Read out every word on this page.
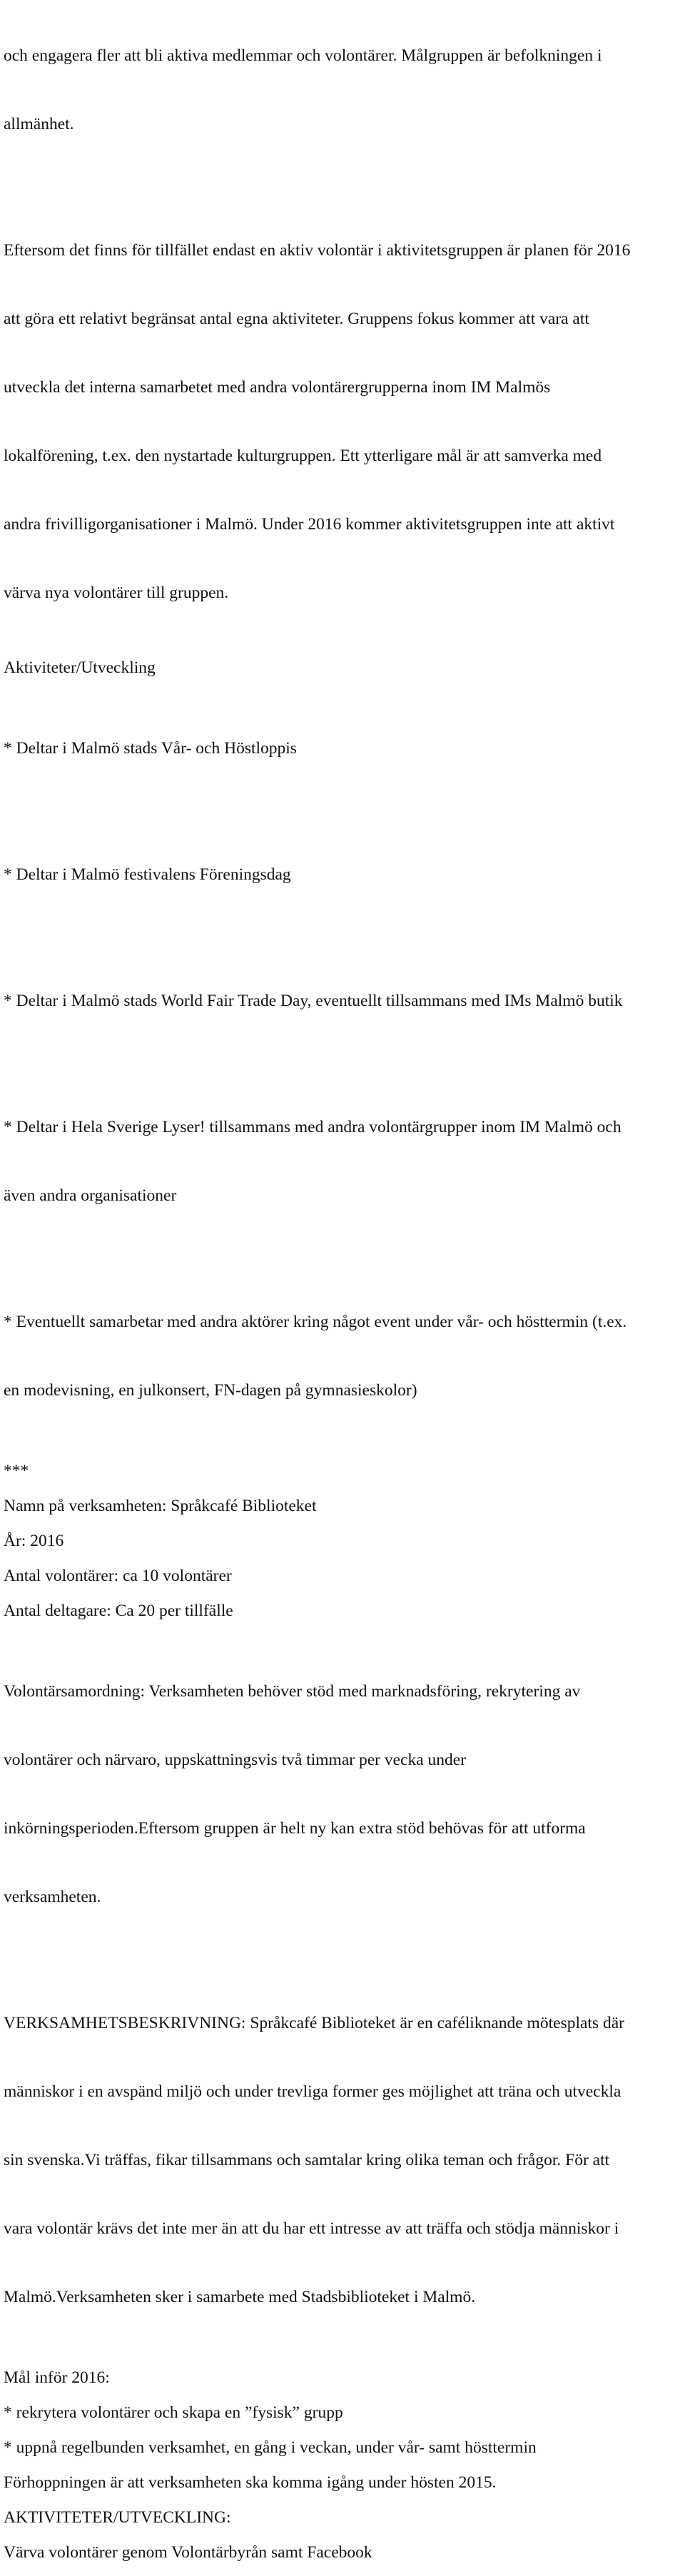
och engagera fler att bli aktiva medlemmar och volontärer. Målgruppen är befolkningen i

allmänhet.

Eftersom det finns för tillfället endast en aktiv volontär i aktivitetsgruppen är planen för 2016

att göra ett relativt begränsat antal egna aktiviteter. Gruppens fokus kommer att vara att

utveckla det interna samarbetet med andra volontärergrupperna inom IM Malmös

lokalförening, t.ex. den nystartade kulturgruppen. Ett ytterligare mål är att samverka med

andra frivilligorganisationer i Malmö. Under 2016 kommer aktivitetsgruppen inte att aktivt

värva nya volontärer till gruppen.

Aktiviteter/Utveckling

* Deltar i Malmö stads Vår- och Höstloppis

* Deltar i Malmö festivalens Föreningsdag

* Deltar i Malmö stads World Fair Trade Day, eventuellt tillsammans med IMs Malmö butik

* Deltar i Hela Sverige Lyser! tillsammans med andra volontärgrupper inom IM Malmö och

även andra organisationer

* Eventuellt samarbetar med andra aktörer kring något event under vår- och hösttermin (t.ex.

en modevisning, en julkonsert, FN-dagen på gymnasieskolor)

***

Namn på verksamheten: Språkcafé Biblioteket

År: 2016

Antal volontärer: ca 10 volontärer

Antal deltagare: Ca 20 per tillfälle

Volontärsamordning: Verksamheten behöver stöd med marknadsföring, rekrytering av

volontärer och närvaro, uppskattningsvis två timmar per vecka under

inkörningsperioden.Eftersom gruppen är helt ny kan extra stöd behövas för att utforma

verksamheten.

VERKSAMHETSBESKRIVNING: Språkcafé Biblioteket är en caféliknande mötesplats där

människor i en avspänd miljö och under trevliga former ges möjlighet att träna och utveckla

sin svenska.Vi träffas, fikar tillsammans och samtalar kring olika teman och frågor. För att

vara volontär krävs det inte mer än att du har ett intresse av att träffa och stödja människor i

Malmö.Verksamheten sker i samarbete med Stadsbiblioteket i Malmö.

Mål inför 2016:

* rekrytera volontärer och skapa en ”fysisk” grupp

* uppnå regelbunden verksamhet, en gång i veckan, under vår- samt hösttermin

Förhoppningen är att verksamheten ska komma igång under hösten 2015.

AKTIVITETER/UTVECKLING:

Värva volontärer genom Volontärbyrån samt Facebook
